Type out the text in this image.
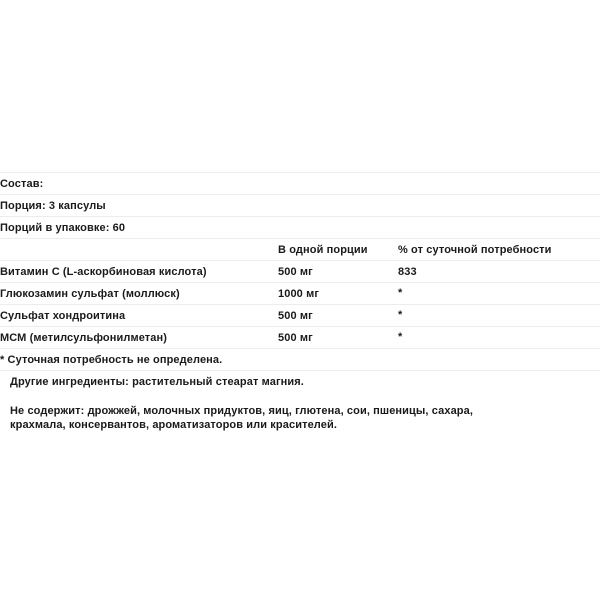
Состав:		
Порция: 3 капсулы		
Порций в упаковке: 60		
	В одной порции	% от суточной потребности
Витамин С (L-аскорбиновая кислота)	500 мг	833
Глюкозамин сульфат (моллюск)	1000 мг	*
Сульфат хондроитина	500 мг	*
МСМ (метилсульфонилметан)	500 мг	*
* Суточная потребность не определена.		

Другие ингредиенты: растительный стеарат магния.

Не содержит: дрожжей, молочных придуктов, яиц, глютена, сои, пшеницы, сахара, крахмала, консервантов, ароматизаторов или красителей.
